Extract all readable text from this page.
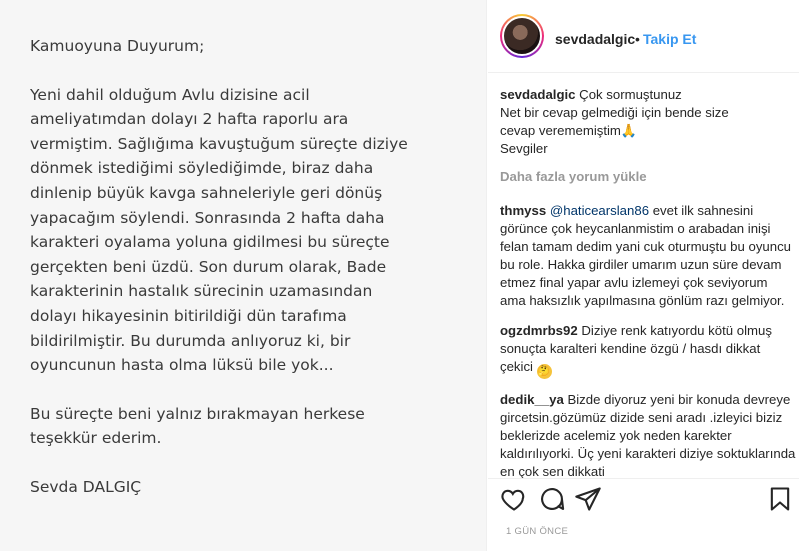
Kamuoyuna Duyurum;

Yeni dahil olduğum Avlu dizisine acil
ameliyatımdan dolayı 2 hafta raporlu ara
vermiştim. Sağlığıma kavuştuğum süreçte diziye
dönmek istediğimi söylediğimde, biraz daha
dinlenip büyük kavga sahneleriyle geri dönüş
yapacağım söylendi. Sonrasında 2 hafta daha
karakteri oyalama yoluna gidilmesi bu süreçte
gerçekten beni üzdü. Son durum olarak, Bade
karakterinin hastalık sürecinin uzamasından
dolayı hikayesinin bitirildiği dün tarafıma
bildirilmiştir. Bu durumda anlıyoruz ki, bir
oyuncunun hasta olma lüksü bile yok...

Bu süreçte beni yalnız bırakmayan herkese
teşekkür ederim.

Sevda DALGIÇ

sevdadalgic • Takip Et
sevdadalgic Çok sormuştunuz
Net bir cevap gelmediği için bende size
cevap verememiştim🙏
Sevgiler
Daha fazla yorum yükle
thmyss @haticearslan86 evet ilk sahnesini görünce çok heycanlanmistim o arabadan inişi felan tamam dedim yani cuk oturmuştu bu oyuncu bu role. Hakka girdiler umarım uzun süre devam etmez final yapar avlu izlemeyi çok seviyorum ama haksızlık yapılmasına gönlüm razı gelmiyor.
ogzdmrbs92 Diziye renk katıyordu kötü olmuş sonuçta karalteri kendine özgü / hasdı dikkat çekici 🤔
dedik__ya Bizde diyoruz yeni bir konuda devreye gircetsin.gözümüz dizide seni aradı .izleyici biziz beklerizde acelemiz yok neden karekter kaldırılıyorki. Üç yeni karakteri diziye soktuklarında en çok sen dikkati
1 GÜN ÖNCE
